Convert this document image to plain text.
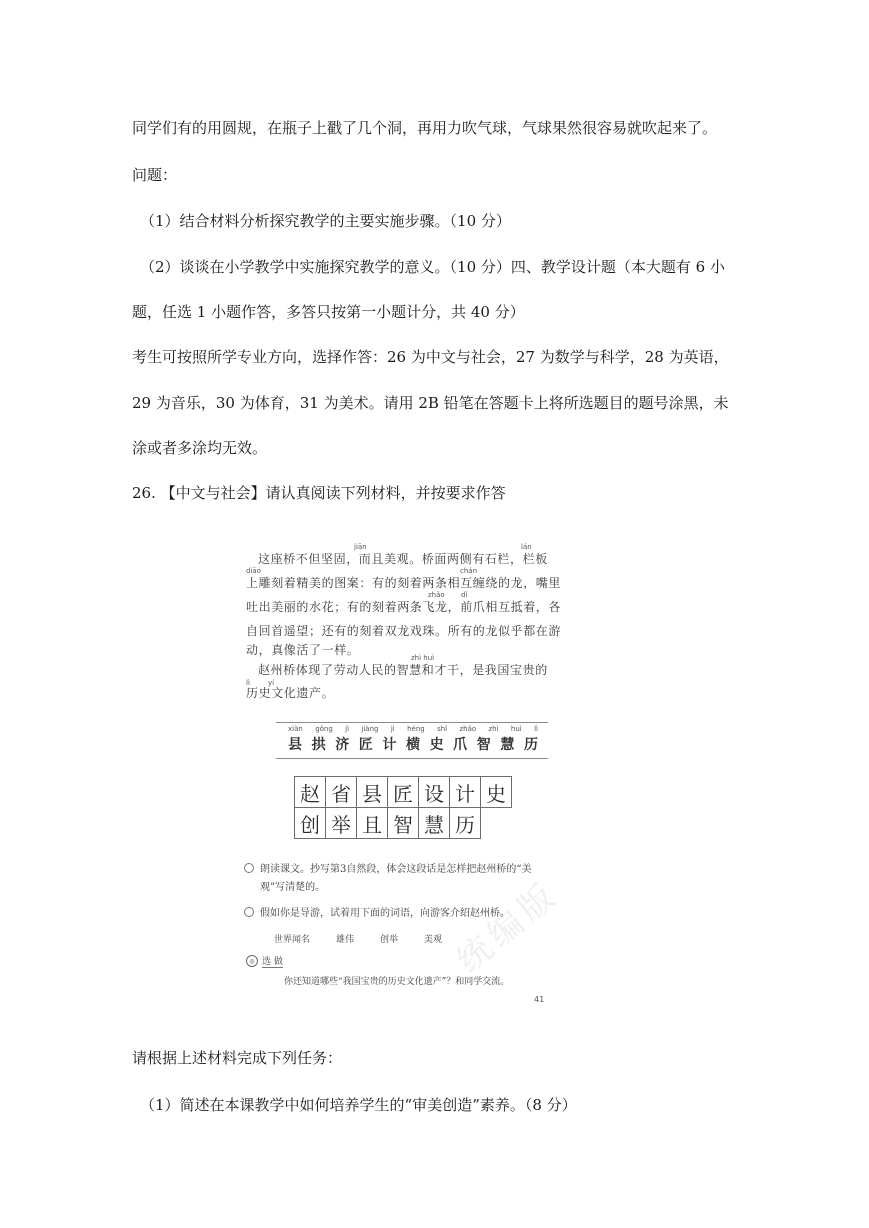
同学们有的用圆规，在瓶子上戳了几个洞，再用力吹气球，气球果然很容易就吹起来了。
问题：
（1）结合材料分析探究教学的主要实施步骤。（10 分）
（2）谈谈在小学教学中实施探究教学的意义。（10 分）四、教学设计题（本大题有 6 小
题，任选 1 小题作答，多答只按第一小题计分，共 40 分）
考生可按照所学专业方向，选择作答：26 为中文与社会，27 为数学与科学，28 为英语，
29 为音乐，30 为体育，31 为美术。请用 2B 铅笔在答题卡上将所选题目的题号涂黑，未
涂或者多涂均无效。
26. 【中文与社会】请认真阅读下列材料，并按要求作答
jiān	lán
这座桥不但坚固，而且美观。桥面两侧有石栏，栏板
diāo	chán
上雕刻着精美的图案：有的刻着两条相互缠绕的龙，嘴里
zhǎo dǐ
吐出美丽的水花；有的刻着两条飞龙，前爪相互抵着，各
自回首遥望；还有的刻着双龙戏珠。所有的龙似乎都在游
动，真像活了一样。
zhì huì
赵州桥体现了劳动人民的智慧和才干，是我国宝贵的
lì	yí
历史文化遗产。
xiàn gǒng jì jiàng jì héng shǐ zhǎo zhì huì lì
县 拱 济 匠 计 横 史 爪 智 慧 历
赵 省 县 匠 设 计 史
创 举 且 智 慧 历
朗读课文。抄写第3自然段，体会这段话是怎样把赵州桥的“美
观”写清楚的。
假如你是导游，试着用下面的词语，向游客介绍赵州桥。
世界闻名	雄伟	创举	美观
◎ 选 做
你还知道哪些“我国宝贵的历史文化遗产”？和同学交流。
41
统编版
请根据上述材料完成下列任务：
（1）简述在本课教学中如何培养学生的“审美创造”素养。（8 分）
